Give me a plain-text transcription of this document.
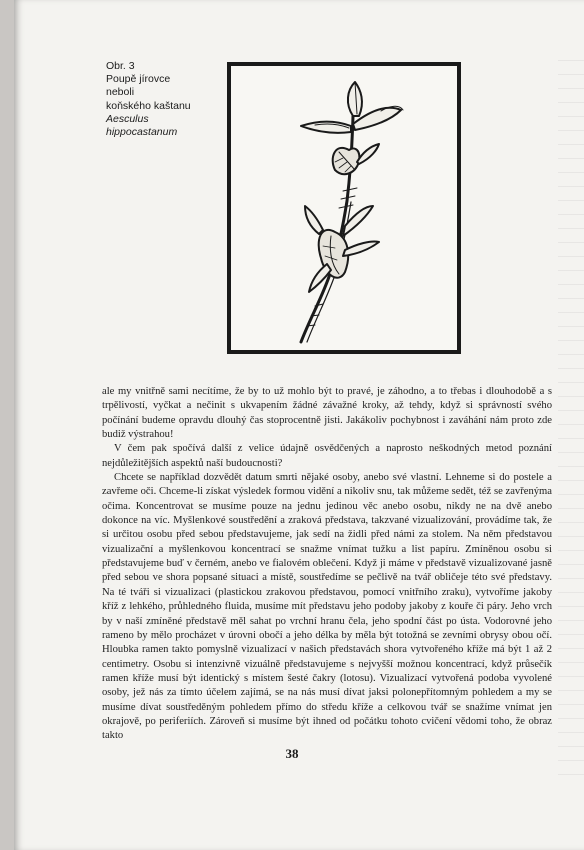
Obr. 3
Poupě jírovce
neboli
koňského kaštanu
Aesculus
hippocastanum

ale my vnitřně sami necítíme, že by to už mohlo být to pravé, je záhodno, a to třebas i dlouhodobě a s trpělivostí, vyčkat a nečinit s ukvapením žádné závažné kroky, až tehdy, když si správností svého počínání budeme opravdu dlouhý čas stoprocentně jisti. Jakákoliv pochybnost i zaváhání nám proto zde budiž výstrahou!

V čem pak spočívá další z velice údajně osvědčených a naprosto neškodných metod poznání nejdůležitějších aspektů naší budoucnosti?

Chcete se například dozvědět datum smrti nějaké osoby, anebo své vlastní. Lehneme si do postele a zavřeme oči. Chceme-li získat výsledek formou vidění a nikoliv snu, tak můžeme sedět, též se zavřenýma očima. Koncentrovat se musíme pouze na jednu jedinou věc anebo osobu, nikdy ne na dvě anebo dokonce na víc. Myšlenkové soustředění a zraková představa, takzvané vizualizování, provádíme tak, že si určitou osobu před sebou představujeme, jak sedí na židli před námi za stolem. Na něm představou vizualizační a myšlenkovou koncentrací se snažme vnímat tužku a list papíru. Zmíněnou osobu si představujeme buď v černém, anebo ve fialovém oblečení. Když ji máme v představě vizualizované jasně před sebou ve shora popsané situaci a místě, soustředíme se pečlivě na tvář obličeje této své představy. Na té tváři si vizualizaci (plastickou zrakovou představou, pomocí vnitřního zraku), vytvoříme jakoby kříž z lehkého, průhledného fluida, musíme mít představu jeho podoby jakoby z kouře či páry. Jeho vrch by v naší zmíněné představě měl sahat po vrchní hranu čela, jeho spodní část po ústa. Vodorovné jeho rameno by mělo procházet v úrovni obočí a jeho délka by měla být totožná se zevními obrysy obou očí. Hloubka ramen takto pomyslně vizualizací v našich představách shora vytvořeného kříže má být 1 až 2 centimetry. Osobu si intenzivně vizuálně představujeme s nejvyšší možnou koncentrací, když průsečík ramen kříže musí být identický s místem šesté čakry (lotosu). Vizualizací vytvořená podoba vyvolené osoby, jež nás za tímto účelem zajímá, se na nás musí dívat jaksi polonepřítomným pohledem a my se musíme dívat soustředěným pohledem přímo do středu kříže a celkovou tvář se snažíme vnímat jen okrajově, po periferiích. Zároveň si musíme být ihned od počátku tohoto cvičení vědomi toho, že obraz takto

38
